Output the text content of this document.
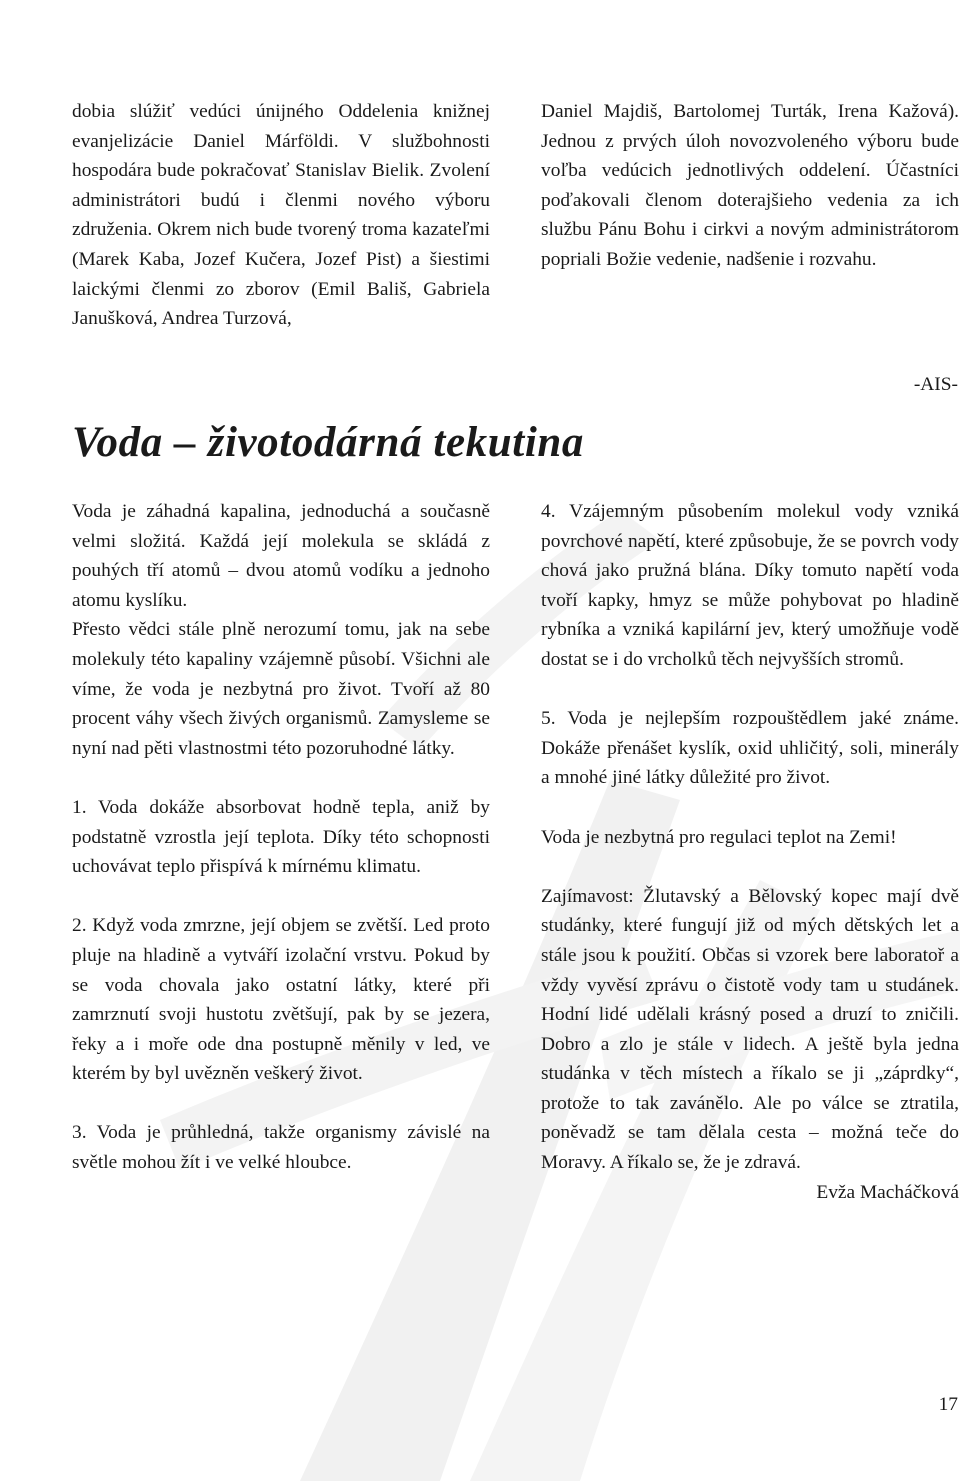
dobia slúžiť vedúci únijného Oddelenia knižnej evanjelizácie Daniel Márföldi. V službohnosti hospodára bude pokračovať Stanislav Bielik. Zvolení administrátori budú i členmi nového výboru združenia. Okrem nich bude tvorený troma kazateľmi (Marek Kaba, Jozef Kučera, Jozef Pist) a šiestimi laickými členmi zo zborov (Emil Bališ, Gabriela Janušková, Andrea Turzová,

Daniel Majdiš, Bartolomej Turták, Irena Kažová). Jednou z prvých úloh novozvoleného výboru bude voľba vedúcich jednotlivých oddelení. Účastníci poďakovali členom doterajšieho vedenia za ich službu Pánu Bohu i cirkvi a novým administrátorom popriali Božie vedenie, nadšenie i rozvahu.

-AIS-
Voda – životodárná tekutina

Voda je záhadná kapalina, jednoduchá a současně velmi složitá. Každá její molekula se skládá z pouhých tří atomů – dvou atomů vodíku a jednoho atomu kyslíku.

Přesto vědci stále plně nerozumí tomu, jak na sebe molekuly této kapaliny vzájemně působí. Všichni ale víme, že voda je nezbytná pro život. Tvoří až 80 procent váhy všech živých organismů. Zamysleme se nyní nad pěti vlastnostmi této pozoruhodné látky.

1. Voda dokáže absorbovat hodně tepla, aniž by podstatně vzrostla její teplota. Díky této schopnosti uchovávat teplo přispívá k mírnému klimatu.

2. Když voda zmrzne, její objem se zvětší. Led proto pluje na hladině a vytváří izolační vrstvu. Pokud by se voda chovala jako ostatní látky, které při zamrznutí svoji hustotu zvětšují, pak by se jezera, řeky a i moře ode dna postupně měnily v led, ve kterém by byl uvězněn veškerý život.

3. Voda je průhledná, takže organismy závislé na světle mohou žít i ve velké hloubce.

4. Vzájemným působením molekul vody vzniká povrchové napětí, které způsobuje, že se povrch vody chová jako pružná blána. Díky tomuto napětí voda tvoří kapky, hmyz se může pohybovat po hladině rybníka a vzniká kapilární jev, který umožňuje vodě dostat se i do vrcholků těch nejvyšších stromů.

5. Voda je nejlepším rozpouštědlem jaké známe. Dokáže přenášet kyslík, oxid uhličitý, soli, minerály a mnohé jiné látky důležité pro život.

Voda je nezbytná pro regulaci teplot na Zemi!

Zajímavost: Žlutavský a Bělovský kopec mají dvě studánky, které fungují již od mých dětských let a stále jsou k použití. Občas si vzorek bere laboratoř a vždy vyvěsí zprávu o čistotě vody tam u studánek. Hodní lidé udělali krásný posed a druzí to zničili. Dobro a zlo je stále v lidech. A ještě byla jedna studánka v těch místech a říkalo se ji „záprdky“, protože to tak zavánělo. Ale po válce se ztratila, poněvadž se tam dělala cesta – možná teče do Moravy. A říkalo se, že je zdravá.

Evža Macháčková

17
